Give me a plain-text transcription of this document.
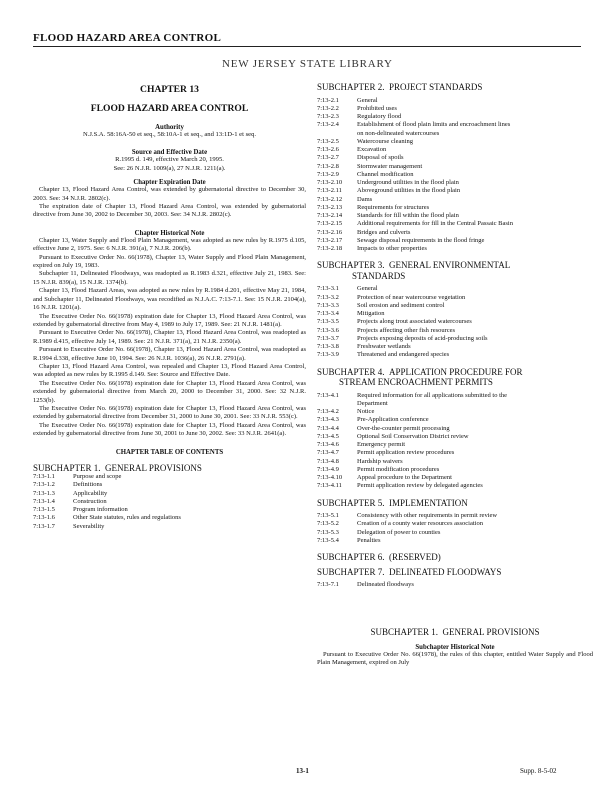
FLOOD HAZARD AREA CONTROL
NEW JERSEY STATE LIBRARY
CHAPTER 13
FLOOD HAZARD AREA CONTROL
Authority
N.J.S.A. 58:16A-50 et seq., 58:10A-1 et seq., and 13:1D-1 et seq.
Source and Effective Date
R.1995 d. 149, effective March 20, 1995.
See: 26 N.J.R. 1009(a), 27 N.J.R. 1211(a).
Chapter Expiration Date

Chapter 13, Flood Hazard Area Control, was extended by gubernatorial directive to December 30, 2003. See: 34 N.J.R. 2802(c).

The expiration date of Chapter 13, Flood Hazard Area Control, was extended by gubernatorial directive from June 30, 2002 to December 30, 2003. See: 34 N.J.R. 2802(c).

Chapter Historical Note

Chapter 13, Water Supply and Flood Plain Management, was adopted as new rules by R.1975 d.105, effective June 2, 1975. See: 6 N.J.R. 391(a), 7 N.J.R. 206(b).

Pursuant to Executive Order No. 66(1978), Chapter 13, Water Supply and Flood Plain Management, expired on July 19, 1983.

Subchapter 11, Delineated Floodways, was readopted as R.1983 d.321, effective July 21, 1983. See: 15 N.J.R. 839(a), 15 N.J.R. 1374(b).

Chapter 13, Flood Hazard Areas, was adopted as new rules by R.1984 d.201, effective May 21, 1984, and Subchapter 11, Delineated Floodways, was recodified as N.J.A.C. 7:13-7.1. See: 15 N.J.R. 2104(a), 16 N.J.R. 1201(a).

The Executive Order No. 66(1978) expiration date for Chapter 13, Flood Hazard Area Control, was extended by gubernatorial directive from May 4, 1989 to July 17, 1989. See: 21 N.J.R. 1481(a).

Pursuant to Executive Order No. 66(1978), Chapter 13, Flood Hazard Area Control, was readopted as R.1989 d.415, effective July 14, 1989. See: 21 N.J.R. 371(a), 21 N.J.R. 2350(a).

Pursuant to Executive Order No. 66(1978), Chapter 13, Flood Hazard Area Control, was readopted as R.1994 d.338, effective June 10, 1994. See: 26 N.J.R. 1036(a), 26 N.J.R. 2791(a).

Chapter 13, Flood Hazard Area Control, was repealed and Chapter 13, Flood Hazard Area Control, was adopted as new rules by R.1995 d.149. See: Source and Effective Date.

The Executive Order No. 66(1978) expiration date for Chapter 13, Flood Hazard Area Control, was extended by gubernatorial directive from March 20, 2000 to December 31, 2000. See: 32 N.J.R. 1253(b).

The Executive Order No. 66(1978) expiration date for Chapter 13, Flood Hazard Area Control, was extended by gubernatorial directive from December 31, 2000 to June 30, 2001. See: 33 N.J.R. 553(c).

The Executive Order No. 66(1978) expiration date for Chapter 13, Flood Hazard Area Control, was extended by gubernatorial directive from June 30, 2001 to June 30, 2002. See: 33 N.J.R. 2641(a).

CHAPTER TABLE OF CONTENTS

SUBCHAPTER 1. GENERAL PROVISIONS

7:13-1.1	Purpose and scope
7:13-1.2	Definitions
7:13-1.3	Applicability
7:13-1.4	Construction
7:13-1.5	Program information
7:13-1.6	Other State statutes, rules and regulations
7:13-1.7	Severability

SUBCHAPTER 2. PROJECT STANDARDS

7:13-2.1	General
7:13-2.2	Prohibited uses
7:13-2.3	Regulatory flood
7:13-2.4	Establishment of flood plain limits and encroachment lines
on non-delineated watercourses
7:13-2.5	Watercourse cleaning
7:13-2.6	Excavation
7:13-2.7	Disposal of spoils
7:13-2.8	Stormwater management
7:13-2.9	Channel modification
7:13-2.10	Underground utilities in the flood plain
7:13-2.11	Aboveground utilities in the flood plain
7:13-2.12	Dams
7:13-2.13	Requirements for structures
7:13-2.14	Standards for fill within the flood plain
7:13-2.15	Additional requirements for fill in the Central Passaic Basin
7:13-2.16	Bridges and culverts
7:13-2.17	Sewage disposal requirements in the flood fringe
7:13-2.18	Impacts to other properties

SUBCHAPTER 3. GENERAL ENVIRONMENTAL

STANDARDS

7:13-3.1	General
7:13-3.2	Protection of near watercourse vegetation
7:13-3.3	Soil erosion and sediment control
7:13-3.4	Mitigation
7:13-3.5	Projects along trout associated watercourses
7:13-3.6	Projects affecting other fish resources
7:13-3.7	Projects exposing deposits of acid-producing soils
7:13-3.8	Freshwater wetlands
7:13-3.9	Threatened and endangered species

SUBCHAPTER 4. APPLICATION PROCEDURE FOR

STREAM ENCROACHMENT PERMITS

7:13-4.1	Required information for all applications submitted to the
Department
7:13-4.2	Notice
7:13-4.3	Pre-Application conference
7:13-4.4	Over-the-counter permit processing
7:13-4.5	Optional Soil Conservation District review
7:13-4.6	Emergency permit
7:13-4.7	Permit application review procedures
7:13-4.8	Hardship waivers
7:13-4.9	Permit modification procedures
7:13-4.10	Appeal procedure to the Department
7:13-4.11	Permit application review by delegated agencies

SUBCHAPTER 5. IMPLEMENTATION

7:13-5.1	Consistency with other requirements in permit review
7:13-5.2	Creation of a county water resources association
7:13-5.3	Delegation of power to counties
7:13-5.4	Penalties

SUBCHAPTER 6. (RESERVED)

SUBCHAPTER 7. DELINEATED FLOODWAYS

7:13-7.1	Delineated floodways

SUBCHAPTER 1. GENERAL PROVISIONS

Subchapter Historical Note

Pursuant to Executive Order No. 66(1978), the rules of this chapter, entitled Water Supply and Flood Plain Management, expired on July

13-1	Supp. 8-5-02
